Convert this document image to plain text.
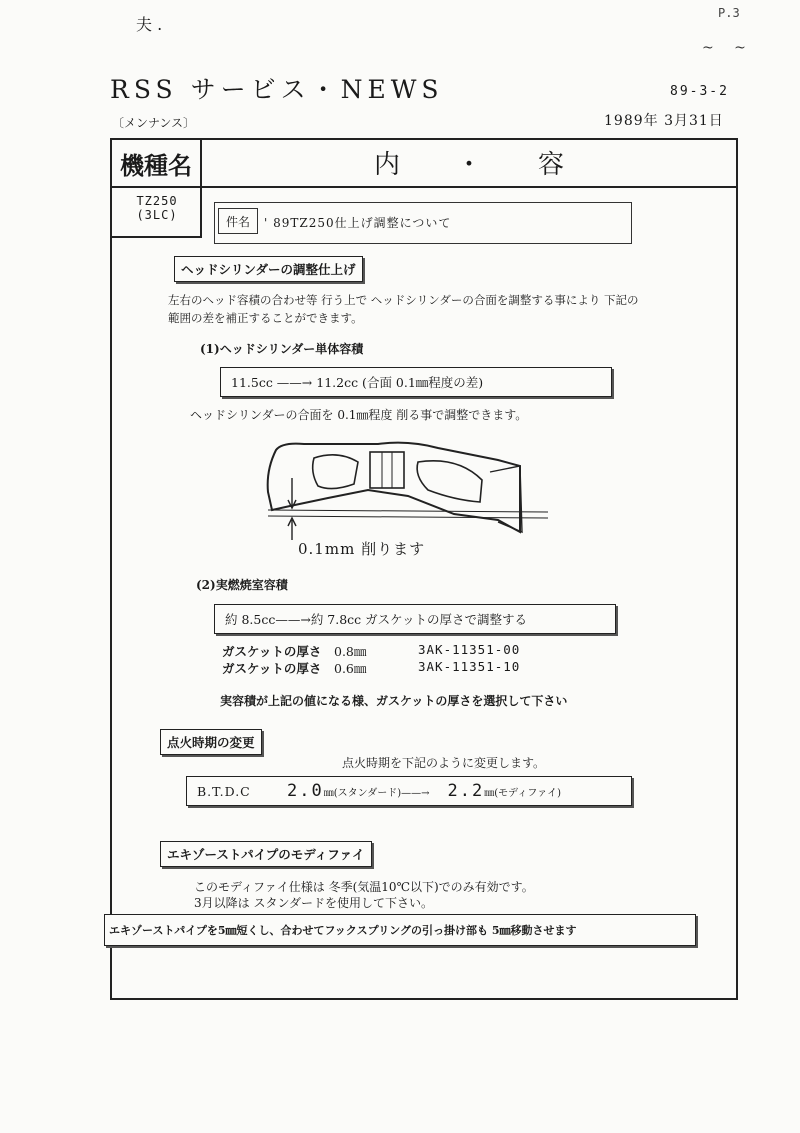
P.3
夫 .
~ ~
RSS サービス・NEWS	89-3-2
〔メンナンス〕	1989年 3月31日
内・容
機種名
TZ250
(3LC)	件名	' 89TZ250仕上げ調整について
ヘッドシリンダーの調整仕上げ
左右のヘッド容積の合わせ等 行う上で ヘッドシリンダーの合面を調整する事により 下記の
範囲の差を補正することができます。
(1)ヘッドシリンダー単体容積
11.5cc ——→ 11.2cc (合面 0.1㎜程度の差)
ヘッドシリンダーの合面を 0.1㎜程度 削る事で調整できます。
0.1mm 削ります
(2)実燃焼室容積
約 8.5cc——→約 7.8cc ガスケットの厚さで調整する
ガスケットの厚さ	0.8㎜	3AK-11351-00
ガスケットの厚さ	0.6㎜	3AK-11351-10
実容積が上記の値になる様、ガスケットの厚さを選択して下さい
点火時期の変更
点火時期を下記のように変更します。
B.T.D.C	2.0 ㎜(スタンダード)——→ 2.2 ㎜(モディファイ)
エキゾーストパイプのモディファイ
このモディファイ仕様は 冬季(気温10℃以下)でのみ有効です。
3月以降は スタンダードを使用して下さい。
エキゾーストパイプを5㎜短くし、合わせてフックスプリングの引っ掛け部も 5㎜移動させます
